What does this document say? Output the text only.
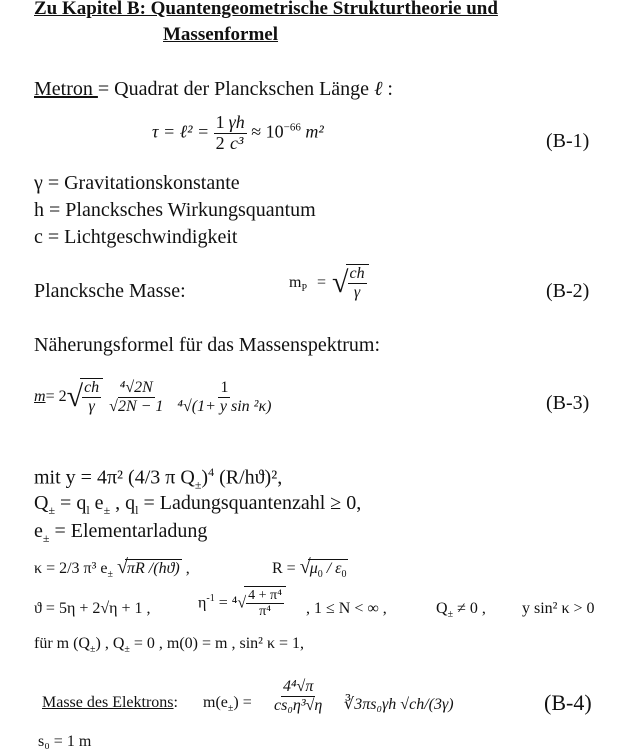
Zu Kapitel B: Quantengeometrische Strukturtheorie und
Massenformel
Metron = Quadrat der Planckschen Länge ℓ :
τ = ℓ² = $\frac{1}{2} \frac{\gamma h}{\text{c³}} \approx 10^{-66}$ m²	(B-1)
γ = Gravitationskonstante
h = Plancksches Wirkungsquantum
c = Lichtgeschwindigkeit
Plancksche Masse:	$m_P$ = √ $\frac{ch}{\gamma}$	(B-2)
Näherungsformel für das Massenspektrum:
$m= 2√ \frac{ch}{\gamma}$
$\frac{\text{⁴√2N}}{√2N - 1}$
$\frac{1}{\text{⁴√(1+ y sin ²κ)}}$	(B-3)
mit y = 4π² (4/3 π $Q_\pm)^4$ (R/hϑ)²,
$Q_\pm = q_l$ $e_\pm$ , $q_l$ = Ladungsquantenzahl ≥ 0,
$e_\pm$ = Elementarladung
κ = 2/3 π³ $e_\pm$ √πR /(hϑ) ,	$R = √\mu_0 / \varepsilon_0$
ϑ = 5η + 2√η + 1 ,	$\eta^{-1} = ^4√ \frac{\text{4 + π⁴}}{\text{π⁴}}$ , 1 ≤ N < ∞ ,	$Q_\pm \ne 0$ , y sin² κ > 0
für m $(Q_\pm)$ , $Q_\pm = 0$ , m(0) = m , sin² κ = 1,
Masse des Elektrons: $m(e_\pm) = \frac{\text{4⁴√π}}{\text{cs₀η³√η}}$ ∛3πs₀γh √ch/(3γ)	(B-4)
s₀ = 1 m
